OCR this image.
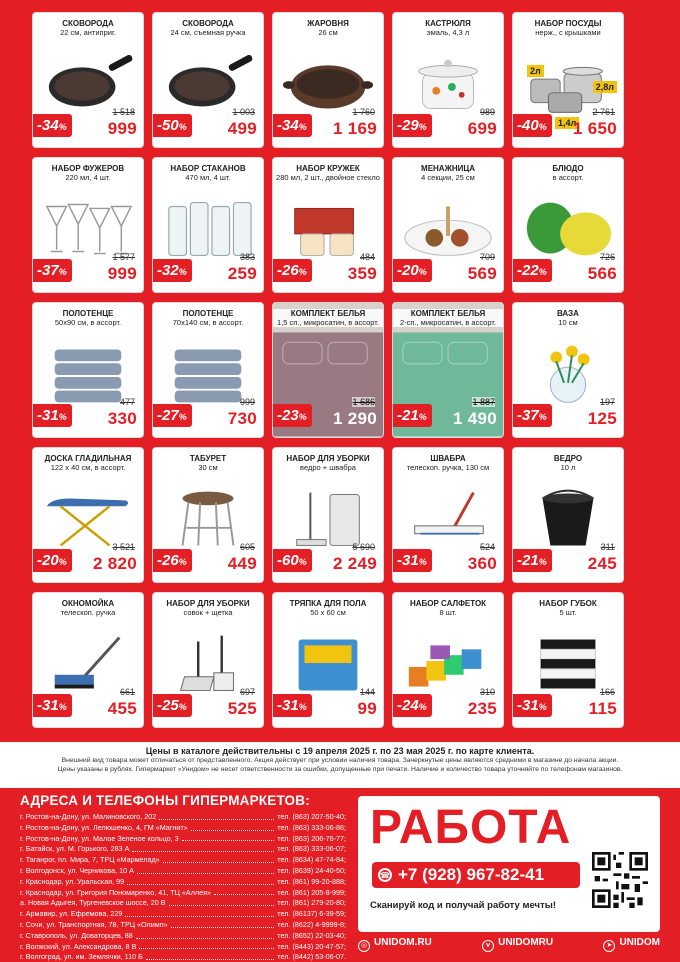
СКОВОРОДА
22 см, антиприг.
1 518
-34% 999
СКОВОРОДА
24 см, съемная ручка
1 003
-50% 499
ЖАРОВНЯ
26 см
1 760
-34% 1 169
КАСТРЮЛЯ
эмаль, 4,3 л
989
-29% 699
НАБОР ПОСУДЫ
нерж., с крышками
2л
2,8л
1,4л
2 761
-40% 1 650
НАБОР ФУЖЕРОВ
220 мл, 4 шт.
1 577
-37% 999
НАБОР СТАКАНОВ
470 мл, 4 шт.
383
-32% 259
НАБОР КРУЖЕК
280 мл, 2 шт., двойное стекло
484
-26% 359
МЕНАЖНИЦА
4 секции, 25 см
709
-20% 569
БЛЮДО
в ассорт.
726
-22% 566
ПОЛОТЕНЦЕ
50x90 см, в ассорт.
477
-31% 330
ПОЛОТЕНЦЕ
70x140 см, в ассорт.
999
-27% 730
КОМПЛЕКТ БЕЛЬЯ
1,5 сп., микросатин, в ассорт.
1 686
-23% 1 290
КОМПЛЕКТ БЕЛЬЯ
2-сп., микросатин, в ассорт.
1 887
-21% 1 490
ВАЗА
10 см
197
-37% 125
ДОСКА ГЛАДИЛЬНАЯ
122 x 40 см, в ассорт.
3 521
-20% 2 820
ТАБУРЕТ
30 см
605
-26% 449
НАБОР ДЛЯ УБОРКИ
ведро + швабра
5 690
-60% 2 249
ШВАБРА
телескоп. ручка, 130 см
524
-31% 360
ВЕДРО
10 л
311
-21% 245
ОКНОМОЙКА
телескоп. ручка
661
-31% 455
НАБОР ДЛЯ УБОРКИ
совок + щетка
697
-25% 525
ТРЯПКА ДЛЯ ПОЛА
50 x 60 см
144
-31%	99
НАБОР САЛФЕТОК
8 шт.
310
-24% 235
НАБОР ГУБОК
5 шт.
166
-31% 115
Цены в каталоге действительны с 19 апреля 2025 г. по 23 мая 2025 г. по карте клиента.
Внешний вид товара может отличаться от представленного. Акция действует при условии наличия товара. Зачеркнутые цены являются средними в магазине до начала акции.
Цены указаны в рублях. Гипермаркет «Унидом» не несет ответственности за ошибки, допущенные при печати. Наличие и количество товара уточняйте по телефонам магазинов.
АДРЕСА И ТЕЛЕФОНЫ ГИПЕРМАРКЕТОВ:
г. Ростов-на-Дону, ул. Малиновского, 202	тел. (863) 207-50-40;
г. Ростов-на-Дону, ул. Лелюшенко, 4, ГМ «Магнит»	тел. (863) 333-06-86;
г. Ростов-на-Дону, ул. Малое Зеленое кольцо, 3	тел. (863) 206-76-77;
г. Батайск, ул. М. Горького, 283 А	тел. (863) 333-06-07;
г. Таганрог, пл. Мира, 7, ТРЦ «Мармелад»	тел. (8634) 47-74-84;
г. Волгодонск, ул. Черникова, 10 А	тел. (8639) 24-40-50;
г. Краснодар, ул. Уральская, 99	тел. (861) 99-20-888;
г. Краснодар, ул. Григория Пономаренко, 41, ТЦ «Аллея»	тел. (861) 205-8-999;
а. Новая Адыгея, Тургеневское шоссе, 20 В	тел. (861) 279-20-80;
г. Армавир, ул. Ефремова, 229	тел. (86137) 6-39-59;
г. Сочи, ул. Транспортная, 78, ТРЦ «Олимп»	тел. (8622) 4-9999-8;
г. Ставрополь, ул. Доваторцев, 88	тел. (8652) 22-03-40;
г. Волжский, ул. Александрова, 8 В	тел. (8443) 20-47-57;
г. Волгоград, ул. им. Землячки, 110 Б	тел. (8442) 53-06-07.
РАБОТА
☎ +7 (928) 967-82-41
Сканируй код и получай работу мечты!
◎ UNIDOM.RU	v UNIDOMRU	➤ UNIDOM
